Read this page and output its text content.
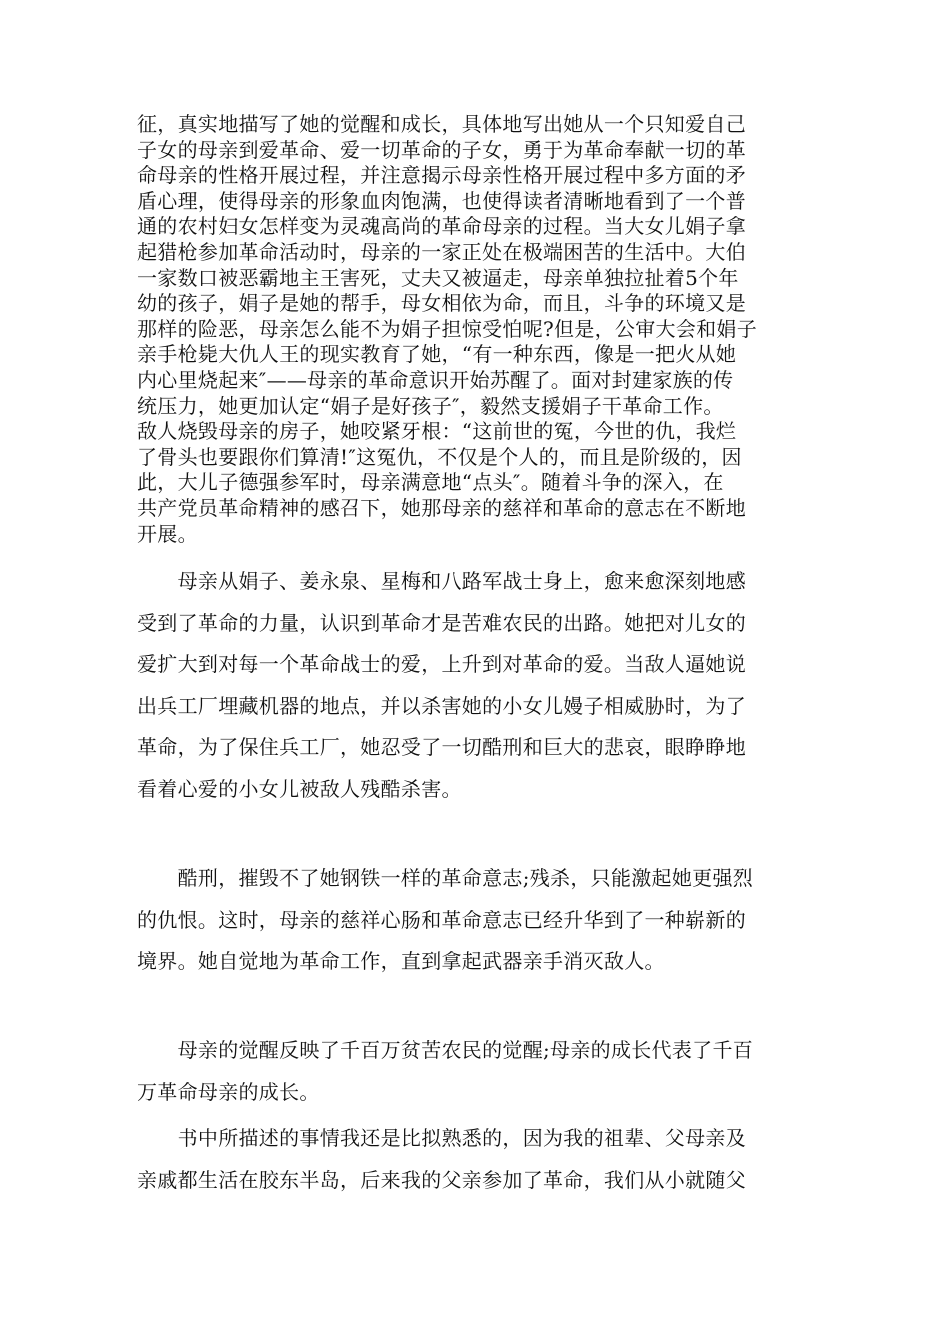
征，真实地描写了她的觉醒和成长，具体地写出她从一个只知爱自己
子女的母亲到爱革命、爱一切革命的子女，勇于为革命奉献一切的革
命母亲的性格开展过程，并注意揭示母亲性格开展过程中多方面的矛
盾心理，使得母亲的形象血肉饱满，也使得读者清晰地看到了一个普
通的农村妇女怎样变为灵魂高尚的革命母亲的过程。当大女儿娟子拿
起猎枪参加革命活动时，母亲的一家正处在极端困苦的生活中。大伯
一家数口被恶霸地主王害死，丈夫又被逼走，母亲单独拉扯着5个年
幼的孩子，娟子是她的帮手，母女相依为命，而且，斗争的环境又是
那样的险恶，母亲怎么能不为娟子担惊受怕呢?但是，公审大会和娟子
亲手枪毙大仇人王的现实教育了她，“有一种东西，像是一把火从她
内心里烧起来″——母亲的革命意识开始苏醒了。面对封建家族的传
统压力，她更加认定“娟子是好孩子″，毅然支援娟子干革命工作。
敌人烧毁母亲的房子，她咬紧牙根：“这前世的冤，今世的仇，我烂
了骨头也要跟你们算清!″这冤仇，不仅是个人的，而且是阶级的，因
此，大儿子德强参军时，母亲满意地“点头″。随着斗争的深入，在
共产党员革命精神的感召下，她那母亲的慈祥和革命的意志在不断地
开展。
　　母亲从娟子、姜永泉、星梅和八路军战士身上，愈来愈深刻地感
受到了革命的力量，认识到革命才是苦难农民的出路。她把对儿女的
爱扩大到对每一个革命战士的爱，上升到对革命的爱。当敌人逼她说
出兵工厂埋藏机器的地点，并以杀害她的小女儿嫚子相威胁时，为了
革命，为了保住兵工厂，她忍受了一切酷刑和巨大的悲哀，眼睁睁地
看着心爱的小女儿被敌人残酷杀害。
　　酷刑，摧毁不了她钢铁一样的革命意志;残杀，只能激起她更强烈
的仇恨。这时，母亲的慈祥心肠和革命意志已经升华到了一种崭新的
境界。她自觉地为革命工作，直到拿起武器亲手消灭敌人。
　　母亲的觉醒反映了千百万贫苦农民的觉醒;母亲的成长代表了千百
万革命母亲的成长。
　　书中所描述的事情我还是比拟熟悉的，因为我的祖辈、父母亲及
亲戚都生活在胶东半岛，后来我的父亲参加了革命，我们从小就随父
